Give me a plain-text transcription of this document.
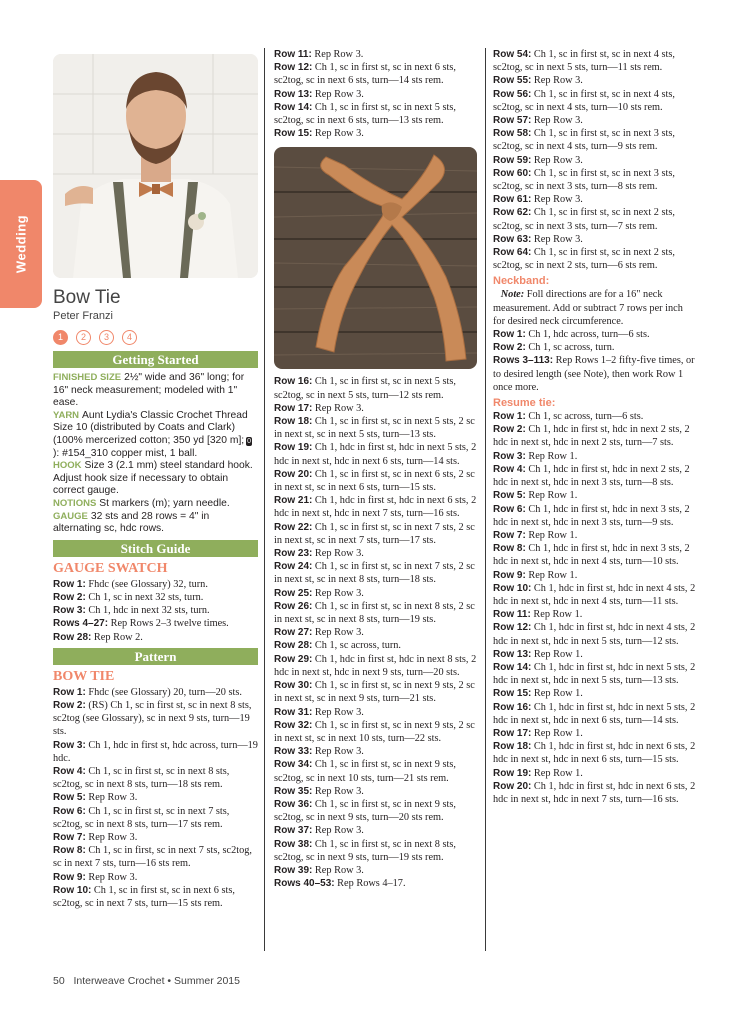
Wedding
Bow Tie
Peter Franzi
1	2	3	4
Getting Started

FINISHED SIZE 2½" wide and 36" long; for 16" neck measurement; modeled with 1" ease.

YARN Aunt Lydia's Classic Crochet Thread Size 10 (distributed by Coats and Clark) (100% mercerized cotton; 350 yd [320 m]; 0): #154_310 copper mist, 1 ball.

HOOK Size 3 (2.1 mm) steel standard hook. Adjust hook size if necessary to obtain correct gauge.

NOTIONS St markers (m); yarn needle.

GAUGE 32 sts and 28 rows = 4" in alternating sc, hdc rows.

Stitch Guide
GAUGE SWATCH

Row 1: Fhdc (see Glossary) 32, turn.

Row 2: Ch 1, sc in next 32 sts, turn.

Row 3: Ch 1, hdc in next 32 sts, turn.

Rows 4–27: Rep Rows 2–3 twelve times.

Row 28: Rep Row 2.

Pattern
BOW TIE

Row 1: Fhdc (see Glossary) 20, turn—20 sts.

Row 2: (RS) Ch 1, sc in first st, sc in next 8 sts, sc2tog (see Glossary), sc in next 9 sts, turn—19 sts.

Row 3: Ch 1, hdc in first st, hdc across, turn—19 hdc.

Row 4: Ch 1, sc in first st, sc in next 8 sts, sc2tog, sc in next 8 sts, turn—18 sts rem.

Row 5: Rep Row 3.

Row 6: Ch 1, sc in first st, sc in next 7 sts, sc2tog, sc in next 8 sts, turn—17 sts rem.

Row 7: Rep Row 3.

Row 8: Ch 1, sc in first, sc in next 7 sts, sc2tog, sc in next 7 sts, turn—16 sts rem.

Row 9: Rep Row 3.

Row 10: Ch 1, sc in first st, sc in next 6 sts, sc2tog, sc in next 7 sts, turn—15 sts rem.

Row 11: Rep Row 3.

Row 12: Ch 1, sc in first st, sc in next 6 sts, sc2tog, sc in next 6 sts, turn—14 sts rem.

Row 13: Rep Row 3.

Row 14: Ch 1, sc in first st, sc in next 5 sts, sc2tog, sc in next 6 sts, turn—13 sts rem.

Row 15: Rep Row 3.

Row 16: Ch 1, sc in first st, sc in next 5 sts, sc2tog, sc in next 5 sts, turn—12 sts rem.

Row 17: Rep Row 3.

Row 18: Ch 1, sc in first st, sc in next 5 sts, 2 sc in next st, sc in next 5 sts, turn—13 sts.

Row 19: Ch 1, hdc in first st, hdc in next 5 sts, 2 hdc in next st, hdc in next 6 sts, turn—14 sts.

Row 20: Ch 1, sc in first st, sc in next 6 sts, 2 sc in next st, sc in next 6 sts, turn—15 sts.

Row 21: Ch 1, hdc in first st, hdc in next 6 sts, 2 hdc in next st, hdc in next 7 sts, turn—16 sts.

Row 22: Ch 1, sc in first st, sc in next 7 sts, 2 sc in next st, sc in next 7 sts, turn—17 sts.

Row 23: Rep Row 3.

Row 24: Ch 1, sc in first st, sc in next 7 sts, 2 sc in next st, sc in next 8 sts, turn—18 sts.

Row 25: Rep Row 3.

Row 26: Ch 1, sc in first st, sc in next 8 sts, 2 sc in next st, sc in next 8 sts, turn—19 sts.

Row 27: Rep Row 3.

Row 28: Ch 1, sc across, turn.

Row 29: Ch 1, hdc in first st, hdc in next 8 sts, 2 hdc in next st, hdc in next 9 sts, turn—20 sts.

Row 30: Ch 1, sc in first st, sc in next 9 sts, 2 sc in next st, sc in next 9 sts, turn—21 sts.

Row 31: Rep Row 3.

Row 32: Ch 1, sc in first st, sc in next 9 sts, 2 sc in next st, sc in next 10 sts, turn—22 sts.

Row 33: Rep Row 3.

Row 34: Ch 1, sc in first st, sc in next 9 sts, sc2tog, sc in next 10 sts, turn—21 sts rem.

Row 35: Rep Row 3.

Row 36: Ch 1, sc in first st, sc in next 9 sts, sc2tog, sc in next 9 sts, turn—20 sts rem.

Row 37: Rep Row 3.

Row 38: Ch 1, sc in first st, sc in next 8 sts, sc2tog, sc in next 9 sts, turn—19 sts rem.

Row 39: Rep Row 3.

Rows 40–53: Rep Rows 4–17.

Row 54: Ch 1, sc in first st, sc in next 4 sts, sc2tog, sc in next 5 sts, turn—11 sts rem.

Row 55: Rep Row 3.

Row 56: Ch 1, sc in first st, sc in next 4 sts, sc2tog, sc in next 4 sts, turn—10 sts rem.

Row 57: Rep Row 3.

Row 58: Ch 1, sc in first st, sc in next 3 sts, sc2tog, sc in next 4 sts, turn—9 sts rem.

Row 59: Rep Row 3.

Row 60: Ch 1, sc in first st, sc in next 3 sts, sc2tog, sc in next 3 sts, turn—8 sts rem.

Row 61: Rep Row 3.

Row 62: Ch 1, sc in first st, sc in next 2 sts, sc2tog, sc in next 3 sts, turn—7 sts rem.

Row 63: Rep Row 3.

Row 64: Ch 1, sc in first st, sc in next 2 sts, sc2tog, sc in next 2 sts, turn—6 sts rem.

Neckband:

Note: Foll directions are for a 16" neck measurement. Add or subtract 7 rows per inch for desired neck circumference.

Row 1: Ch 1, hdc across, turn—6 sts.

Row 2: Ch 1, sc across, turn.

Rows 3–113: Rep Rows 1–2 fifty-five times, or to desired length (see Note), then work Row 1 once more.

Resume tie:

Row 1: Ch 1, sc across, turn—6 sts.

Row 2: Ch 1, hdc in first st, hdc in next 2 sts, 2 hdc in next st, hdc in next 2 sts, turn—7 sts.

Row 3: Rep Row 1.

Row 4: Ch 1, hdc in first st, hdc in next 2 sts, 2 hdc in next st, hdc in next 3 sts, turn—8 sts.

Row 5: Rep Row 1.

Row 6: Ch 1, hdc in first st, hdc in next 3 sts, 2 hdc in next st, hdc in next 3 sts, turn—9 sts.

Row 7: Rep Row 1.

Row 8: Ch 1, hdc in first st, hdc in next 3 sts, 2 hdc in next st, hdc in next 4 sts, turn—10 sts.

Row 9: Rep Row 1.

Row 10: Ch 1, hdc in first st, hdc in next 4 sts, 2 hdc in next st, hdc in next 4 sts, turn—11 sts.

Row 11: Rep Row 1.

Row 12: Ch 1, hdc in first st, hdc in next 4 sts, 2 hdc in next st, hdc in next 5 sts, turn—12 sts.

Row 13: Rep Row 1.

Row 14: Ch 1, hdc in first st, hdc in next 5 sts, 2 hdc in next st, hdc in next 5 sts, turn—13 sts.

Row 15: Rep Row 1.

Row 16: Ch 1, hdc in first st, hdc in next 5 sts, 2 hdc in next st, hdc in next 6 sts, turn—14 sts.

Row 17: Rep Row 1.

Row 18: Ch 1, hdc in first st, hdc in next 6 sts, 2 hdc in next st, hdc in next 6 sts, turn—15 sts.

Row 19: Rep Row 1.

Row 20: Ch 1, hdc in first st, hdc in next 6 sts, 2 hdc in next st, hdc in next 7 sts, turn—16 sts.

50 Interweave Crochet • Summer 2015
